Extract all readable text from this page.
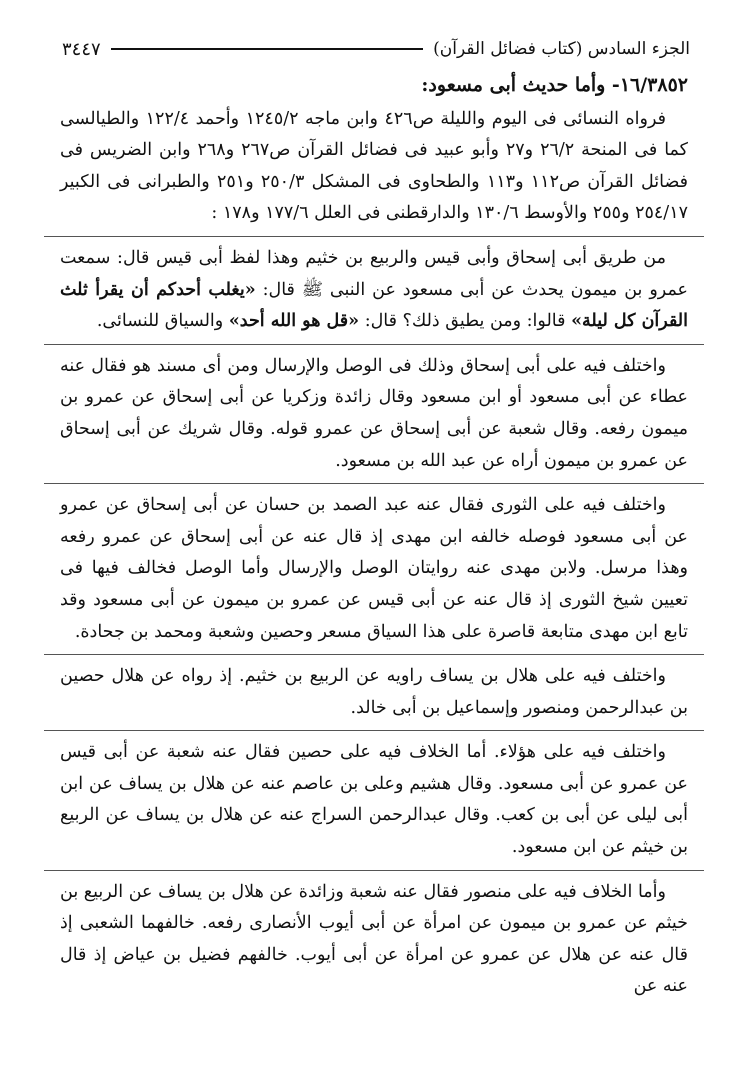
الجزء السادس (كتاب فضائل القرآن)
٣٤٤٧

١٦/٣٨٥٢- وأما حديث أبى مسعود:

فرواه النسائى فى اليوم والليلة ص٤٢٦ وابن ماجه ١٢٤٥/٢ وأحمد ١٢٢/٤ والطيالسى كما فى المنحة ٢٦/٢ و٢٧ وأبو عبيد فى فضائل القرآن ص٢٦٧ و٢٦٨ وابن الضريس فى فضائل القرآن ص١١٢ و١١٣ والطحاوى فى المشكل ٢٥٠/٣ و٢٥١ والطبرانى فى الكبير ٢٥٤/١٧ و٢٥٥ والأوسط ١٣٠/٦ والدارقطنى فى العلل ١٧٧/٦ و١٧٨ :

من طريق أبى إسحاق وأبى قيس والربيع بن خثيم وهذا لفظ أبى قيس قال: سمعت عمرو بن ميمون يحدث عن أبى مسعود عن النبى ﷺ قال: «يغلب أحدكم أن يقرأ ثلث القرآن كل ليلة» قالوا: ومن يطيق ذلك؟ قال: «قل هو الله أحد» والسياق للنسائى.

واختلف فيه على أبى إسحاق وذلك فى الوصل والإرسال ومن أى مسند هو فقال عنه عطاء عن أبى مسعود أو ابن مسعود وقال زائدة وزكريا عن أبى إسحاق عن عمرو بن ميمون رفعه. وقال شعبة عن أبى إسحاق عن عمرو قوله. وقال شريك عن أبى إسحاق عن عمرو بن ميمون أراه عن عبد الله بن مسعود.

واختلف فيه على الثورى فقال عنه عبد الصمد بن حسان عن أبى إسحاق عن عمرو عن أبى مسعود فوصله خالفه ابن مهدى إذ قال عنه عن أبى إسحاق عن عمرو رفعه وهذا مرسل. ولابن مهدى عنه روايتان الوصل والإرسال وأما الوصل فخالف فيها فى تعيين شيخ الثورى إذ قال عنه عن أبى قيس عن عمرو بن ميمون عن أبى مسعود وقد تابع ابن مهدى متابعة قاصرة على هذا السياق مسعر وحصين وشعبة ومحمد بن جحادة.

واختلف فيه على هلال بن يساف راويه عن الربيع بن خثيم. إذ رواه عن هلال حصين بن عبدالرحمن ومنصور وإسماعيل بن أبى خالد.

واختلف فيه على هؤلاء. أما الخلاف فيه على حصين فقال عنه شعبة عن أبى قيس عن عمرو عن أبى مسعود. وقال هشيم وعلى بن عاصم عنه عن هلال بن يساف عن ابن أبى ليلى عن أبى بن كعب. وقال عبدالرحمن السراج عنه عن هلال بن يساف عن الربيع بن خيثم عن ابن مسعود.

وأما الخلاف فيه على منصور فقال عنه شعبة وزائدة عن هلال بن يساف عن الربيع بن خيثم عن عمرو بن ميمون عن امرأة عن أبى أيوب الأنصارى رفعه. خالفهما الشعبى إذ قال عنه عن هلال عن عمرو عن امرأة عن أبى أيوب. خالفهم فضيل بن عياض إذ قال عنه عن
